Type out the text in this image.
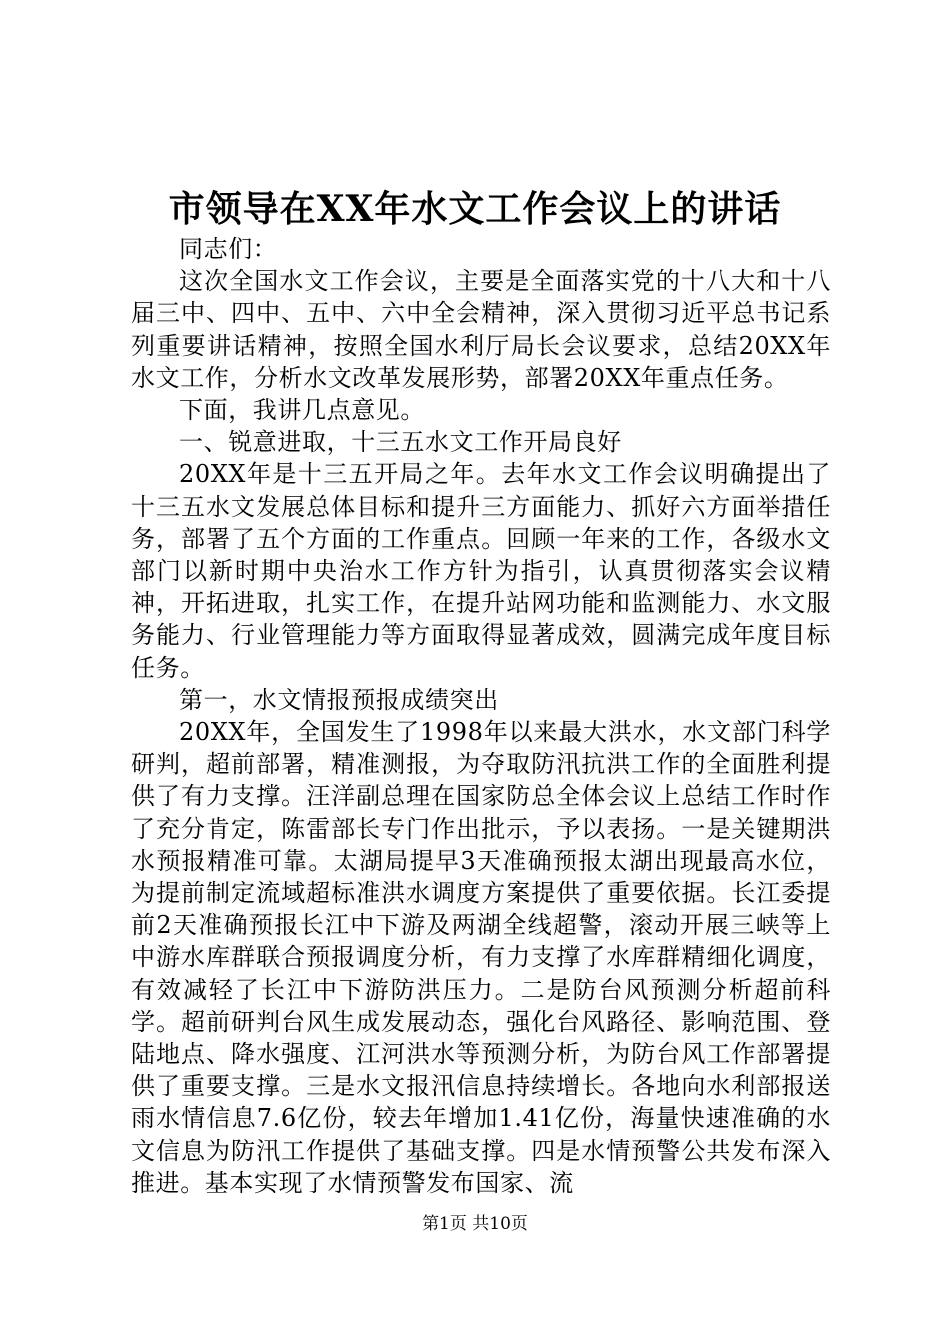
市领导在XX年水文工作会议上的讲话

同志们：

这次全国水文工作会议，主要是全面落实党的十八大和十八届三中、四中、五中、六中全会精神，深入贯彻习近平总书记系列重要讲话精神，按照全国水利厅局长会议要求，总结20XX年水文工作，分析水文改革发展形势，部署20XX年重点任务。

下面，我讲几点意见。

一、锐意进取，十三五水文工作开局良好

20XX年是十三五开局之年。去年水文工作会议明确提出了十三五水文发展总体目标和提升三方面能力、抓好六方面举措任务，部署了五个方面的工作重点。回顾一年来的工作，各级水文部门以新时期中央治水工作方针为指引，认真贯彻落实会议精神，开拓进取，扎实工作，在提升站网功能和监测能力、水文服务能力、行业管理能力等方面取得显著成效，圆满完成年度目标任务。

第一，水文情报预报成绩突出

20XX年，全国发生了1998年以来最大洪水，水文部门科学研判，超前部署，精准测报，为夺取防汛抗洪工作的全面胜利提供了有力支撑。汪洋副总理在国家防总全体会议上总结工作时作了充分肯定，陈雷部长专门作出批示，予以表扬。一是关键期洪水预报精准可靠。太湖局提早3天准确预报太湖出现最高水位，为提前制定流域超标准洪水调度方案提供了重要依据。长江委提前2天准确预报长江中下游及两湖全线超警，滚动开展三峡等上中游水库群联合预报调度分析，有力支撑了水库群精细化调度，有效减轻了长江中下游防洪压力。二是防台风预测分析超前科学。超前研判台风生成发展动态，强化台风路径、影响范围、登陆地点、降水强度、江河洪水等预测分析，为防台风工作部署提供了重要支撑。三是水文报汛信息持续增长。各地向水利部报送雨水情信息7.6亿份，较去年增加1.41亿份，海量快速准确的水文信息为防汛工作提供了基础支撑。四是水情预警公共发布深入推进。基本实现了水情预警发布国家、流

第1页 共10页
